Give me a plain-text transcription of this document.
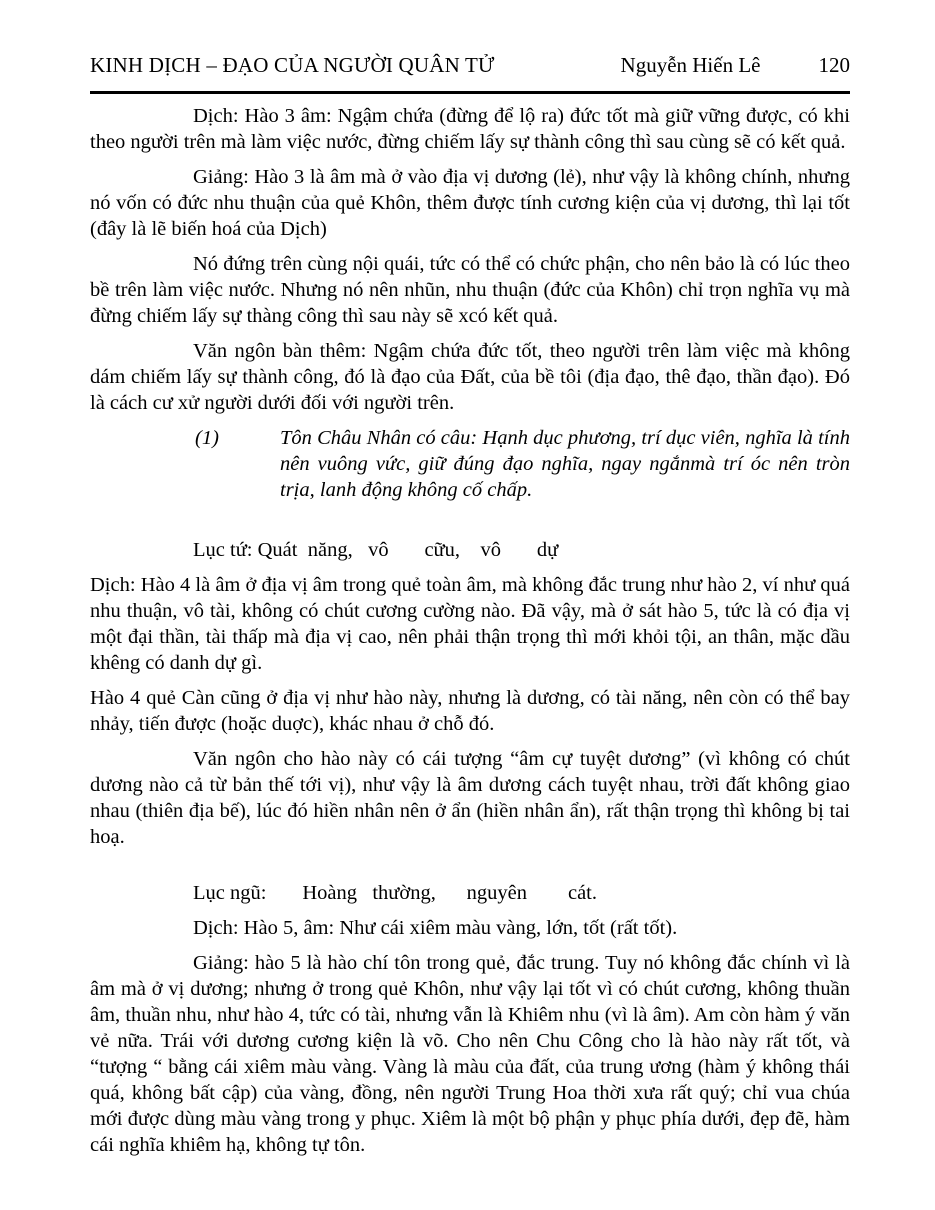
KINH DỊCH – ĐẠO CỦA NGƯỜI QUÂN TỬ	Nguyễn Hiến Lê	120

Dịch: Hào 3 âm: Ngậm chứa (đừng để lộ ra) đức tốt mà giữ vững được, có khi theo người trên mà làm việc nước, đừng chiếm lấy sự thành công thì sau cùng sẽ có kết quả.

Giảng: Hào 3 là âm mà ở vào địa vị dương (lẻ), như vậy là không chính, nhưng nó vốn có đức nhu thuận của quẻ Khôn, thêm được tính cương kiện của vị dương, thì lại tốt (đây là lẽ biến hoá của Dịch)

Nó đứng trên cùng nội quái, tức có thể có chức phận, cho nên bảo là có lúc theo bề trên làm việc nước. Nhưng nó nên nhũn, nhu thuận (đức của Khôn) chỉ trọn nghĩa vụ mà đừng chiếm lấy sự thàng công thì sau này sẽ xcó kết quả.

Văn ngôn bàn thêm: Ngậm chứa đức tốt, theo người trên làm việc mà không dám chiếm lấy sự thành công, đó là đạo của Đất, của bề tôi (địa đạo, thê đạo, thần đạo). Đó là cách cư xử người dưới đối với người trên.

(1)	Tôn Châu Nhân có câu: Hạnh dục phương, trí dục viên, nghĩa là tính nên vuông vức, giữ đúng đạo nghĩa, ngay ngắnmà trí óc nên tròn trịa, lanh động không cố chấp.

Lục tứ: Quát  năng,   vô       cữu,    vô       dự

Dịch: Hào 4 là âm ở địa vị âm trong quẻ toàn âm, mà không đắc trung như hào 2, ví như quá nhu thuận, vô tài, không có chút cương cường nào. Đã vậy, mà ở sát hào 5, tức là có địa vị một đại thần, tài thấp mà địa vị cao, nên phải thận trọng thì mới khỏi tội, an thân, mặc dầu khêng có danh dự gì.

Hào 4 quẻ Càn cũng ở địa vị như hào này, nhưng là dương, có tài năng, nên còn có thể bay nhảy, tiến được (hoặc duợc), khác nhau ở chỗ đó.

Văn ngôn cho hào này có cái tượng “âm cự tuyệt dương” (vì không có chút dương nào cả từ bản thế tới vị), như vậy là âm dương cách tuyệt nhau, trời đất không giao nhau (thiên địa bế), lúc đó hiền nhân nên ở ẩn (hiền nhân ẩn), rất thận trọng thì không bị tai hoạ.

Lục ngũ:       Hoàng   thường,      nguyên        cát.

Dịch: Hào 5, âm: Như cái xiêm màu vàng, lớn, tốt (rất tốt).

Giảng: hào 5 là hào chí tôn trong quẻ, đắc trung. Tuy nó không đắc chính vì là âm mà ở vị dương; nhưng ở trong quẻ Khôn, như vậy lại tốt vì có chút cương, không thuần âm, thuần nhu, như hào 4, tức có tài, nhưng vẫn là Khiêm nhu (vì là âm). Am còn hàm ý văn vẻ nữa. Trái với dương cương kiện là võ. Cho nên Chu Công cho là hào này rất tốt, và “tượng “ bằng cái xiêm màu vàng. Vàng là màu của đất, của trung ương (hàm ý không thái quá, không bất cập) của vàng, đồng, nên người Trung Hoa thời xưa rất quý; chỉ vua chúa mới được dùng màu vàng trong y phục. Xiêm là một bộ phận y phục phía dưới, đẹp đẽ, hàm cái nghĩa khiêm hạ, không tự tôn.
